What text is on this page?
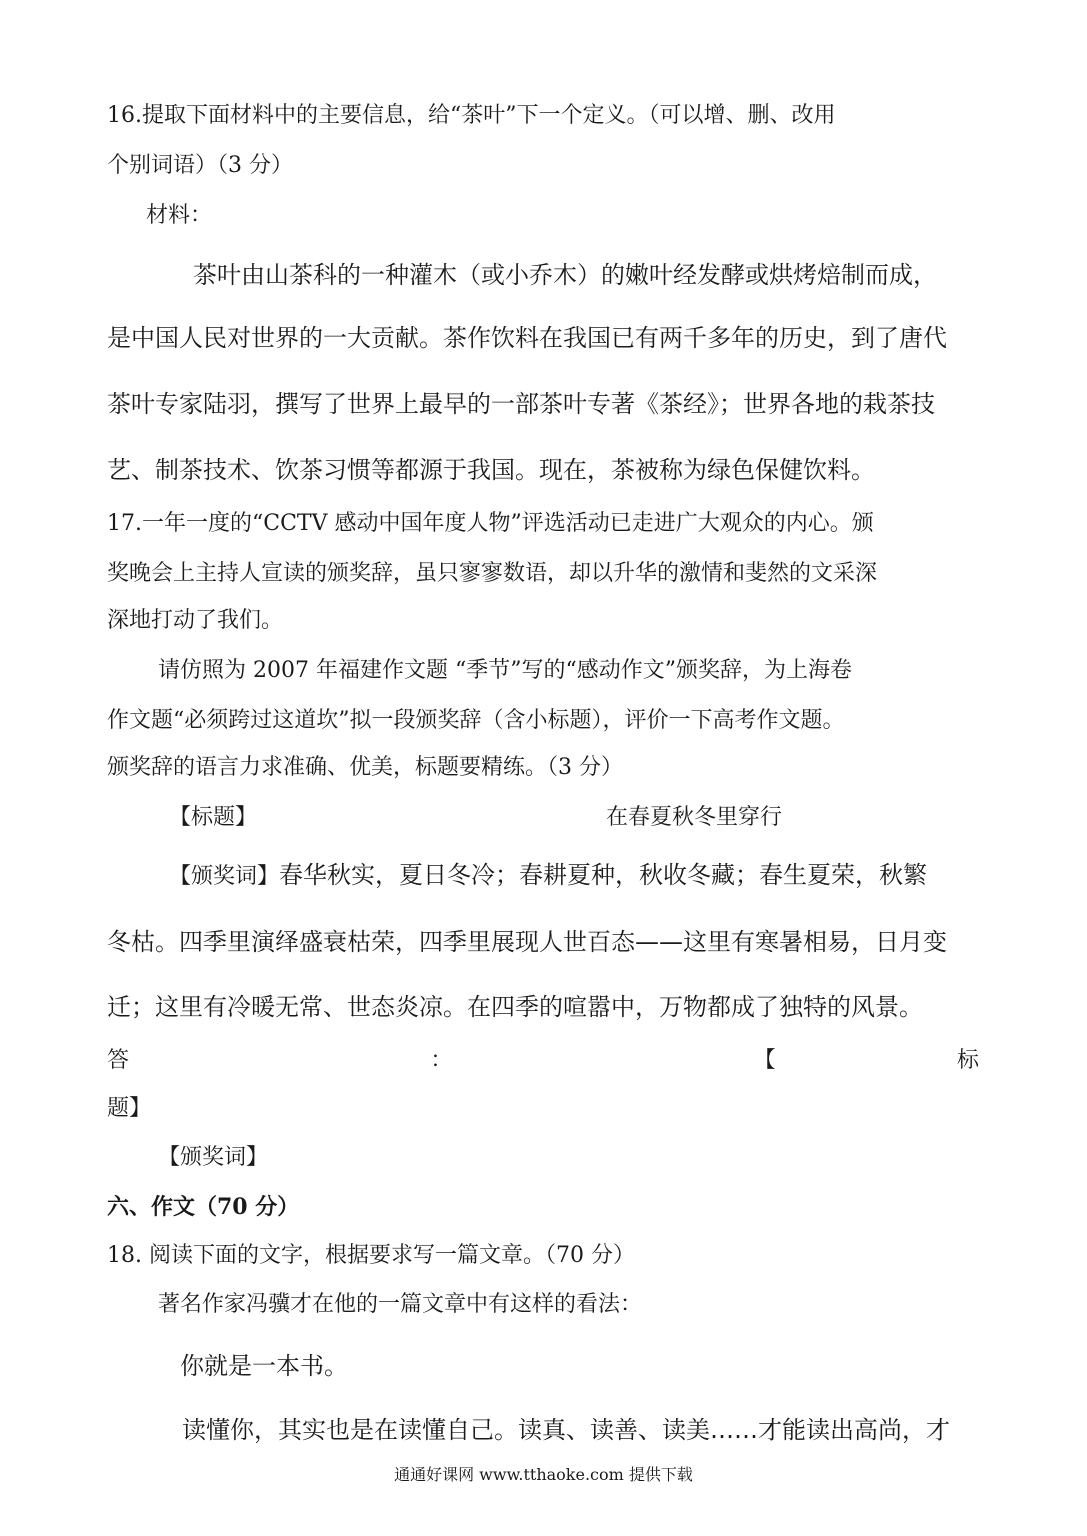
16.提取下面材料中的主要信息，给“茶叶”下一个定义。（可以增、删、改用
个别词语）（3 分）
材料：
茶叶由山茶科的一种灌木（或小乔木）的嫩叶经发酵或烘烤焙制而成，
是中国人民对世界的一大贡献。茶作饮料在我国已有两千多年的历史，到了唐代
茶叶专家陆羽，撰写了世界上最早的一部茶叶专著《茶经》；世界各地的栽茶技
艺、制茶技术、饮茶习惯等都源于我国。现在，茶被称为绿色保健饮料。
17.一年一度的“CCTV 感动中国年度人物”评选活动已走进广大观众的内心。颁
奖晚会上主持人宣读的颁奖辞，虽只寥寥数语，却以升华的激情和斐然的文采深
深地打动了我们。
请仿照为 2007 年福建作文题 “季节”写的“感动作文”颁奖辞，为上海卷
作文题“必须跨过这道坎”拟一段颁奖辞（含小标题），评价一下高考作文题。
颁奖辞的语言力求准确、优美，标题要精练。（3 分）
【标题】	在春夏秋冬里穿行
【颁奖词】春华秋实，夏日冬冷；春耕夏种，秋收冬藏；春生夏荣，秋繁
冬枯。四季里演绎盛衰枯荣，四季里展现人世百态——这里有寒暑相易，日月变
迁；这里有冷暖无常、世态炎凉。在四季的喧嚣中，万物都成了独特的风景。
答	：	【	标
题】
【颁奖词】
六、作文（70 分）
18. 阅读下面的文字，根据要求写一篇文章。（70 分）
著名作家冯骥才在他的一篇文章中有这样的看法：
你就是一本书。
读懂你，其实也是在读懂自己。读真、读善、读美……才能读出高尚，才
通通好课网 www.tthaoke.com 提供下载
